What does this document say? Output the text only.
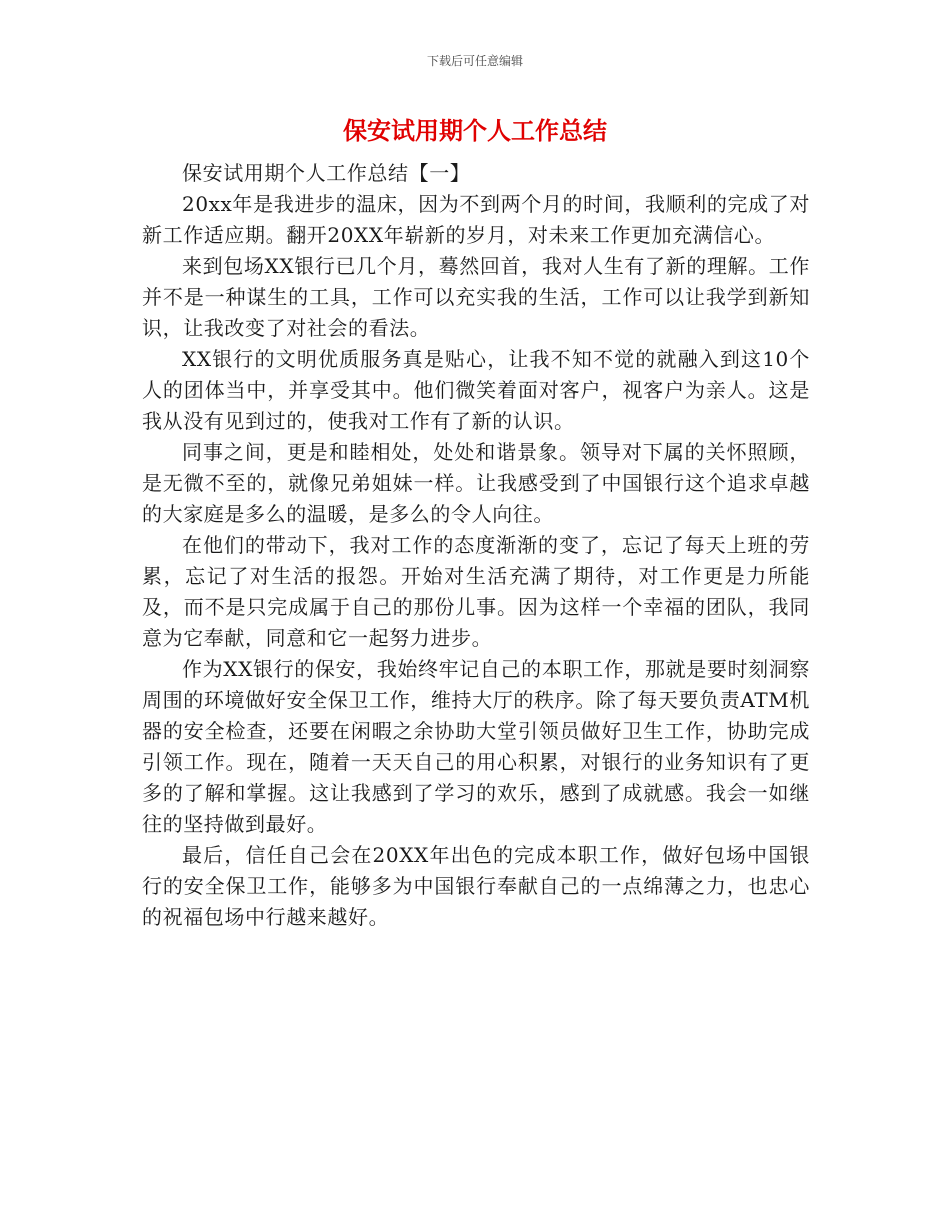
下载后可任意编辑
保安试用期个人工作总结

保安试用期个人工作总结【一】

20xx年是我进步的温床，因为不到两个月的时间，我顺利的完成了对新工作适应期。翻开20XX年崭新的岁月，对未来工作更加充满信心。

来到包场XX银行已几个月，蓦然回首，我对人生有了新的理解。工作并不是一种谋生的工具，工作可以充实我的生活，工作可以让我学到新知识，让我改变了对社会的看法。

XX银行的文明优质服务真是贴心，让我不知不觉的就融入到这10个人的团体当中，并享受其中。他们微笑着面对客户，视客户为亲人。这是我从没有见到过的，使我对工作有了新的认识。

同事之间，更是和睦相处，处处和谐景象。领导对下属的关怀照顾，是无微不至的，就像兄弟姐妹一样。让我感受到了中国银行这个追求卓越的大家庭是多么的温暖，是多么的令人向往。

在他们的带动下，我对工作的态度渐渐的变了，忘记了每天上班的劳累，忘记了对生活的报怨。开始对生活充满了期待，对工作更是力所能及，而不是只完成属于自己的那份儿事。因为这样一个幸福的团队，我同意为它奉献，同意和它一起努力进步。

作为XX银行的保安，我始终牢记自己的本职工作，那就是要时刻洞察周围的环境做好安全保卫工作，维持大厅的秩序。除了每天要负责ATM机器的安全检查，还要在闲暇之余协助大堂引领员做好卫生工作，协助完成引领工作。现在，随着一天天自己的用心积累，对银行的业务知识有了更多的了解和掌握。这让我感到了学习的欢乐，感到了成就感。我会一如继往的坚持做到最好。

最后，信任自己会在20XX年出色的完成本职工作，做好包场中国银行的安全保卫工作，能够多为中国银行奉献自己的一点绵薄之力，也忠心的祝福包场中行越来越好。
